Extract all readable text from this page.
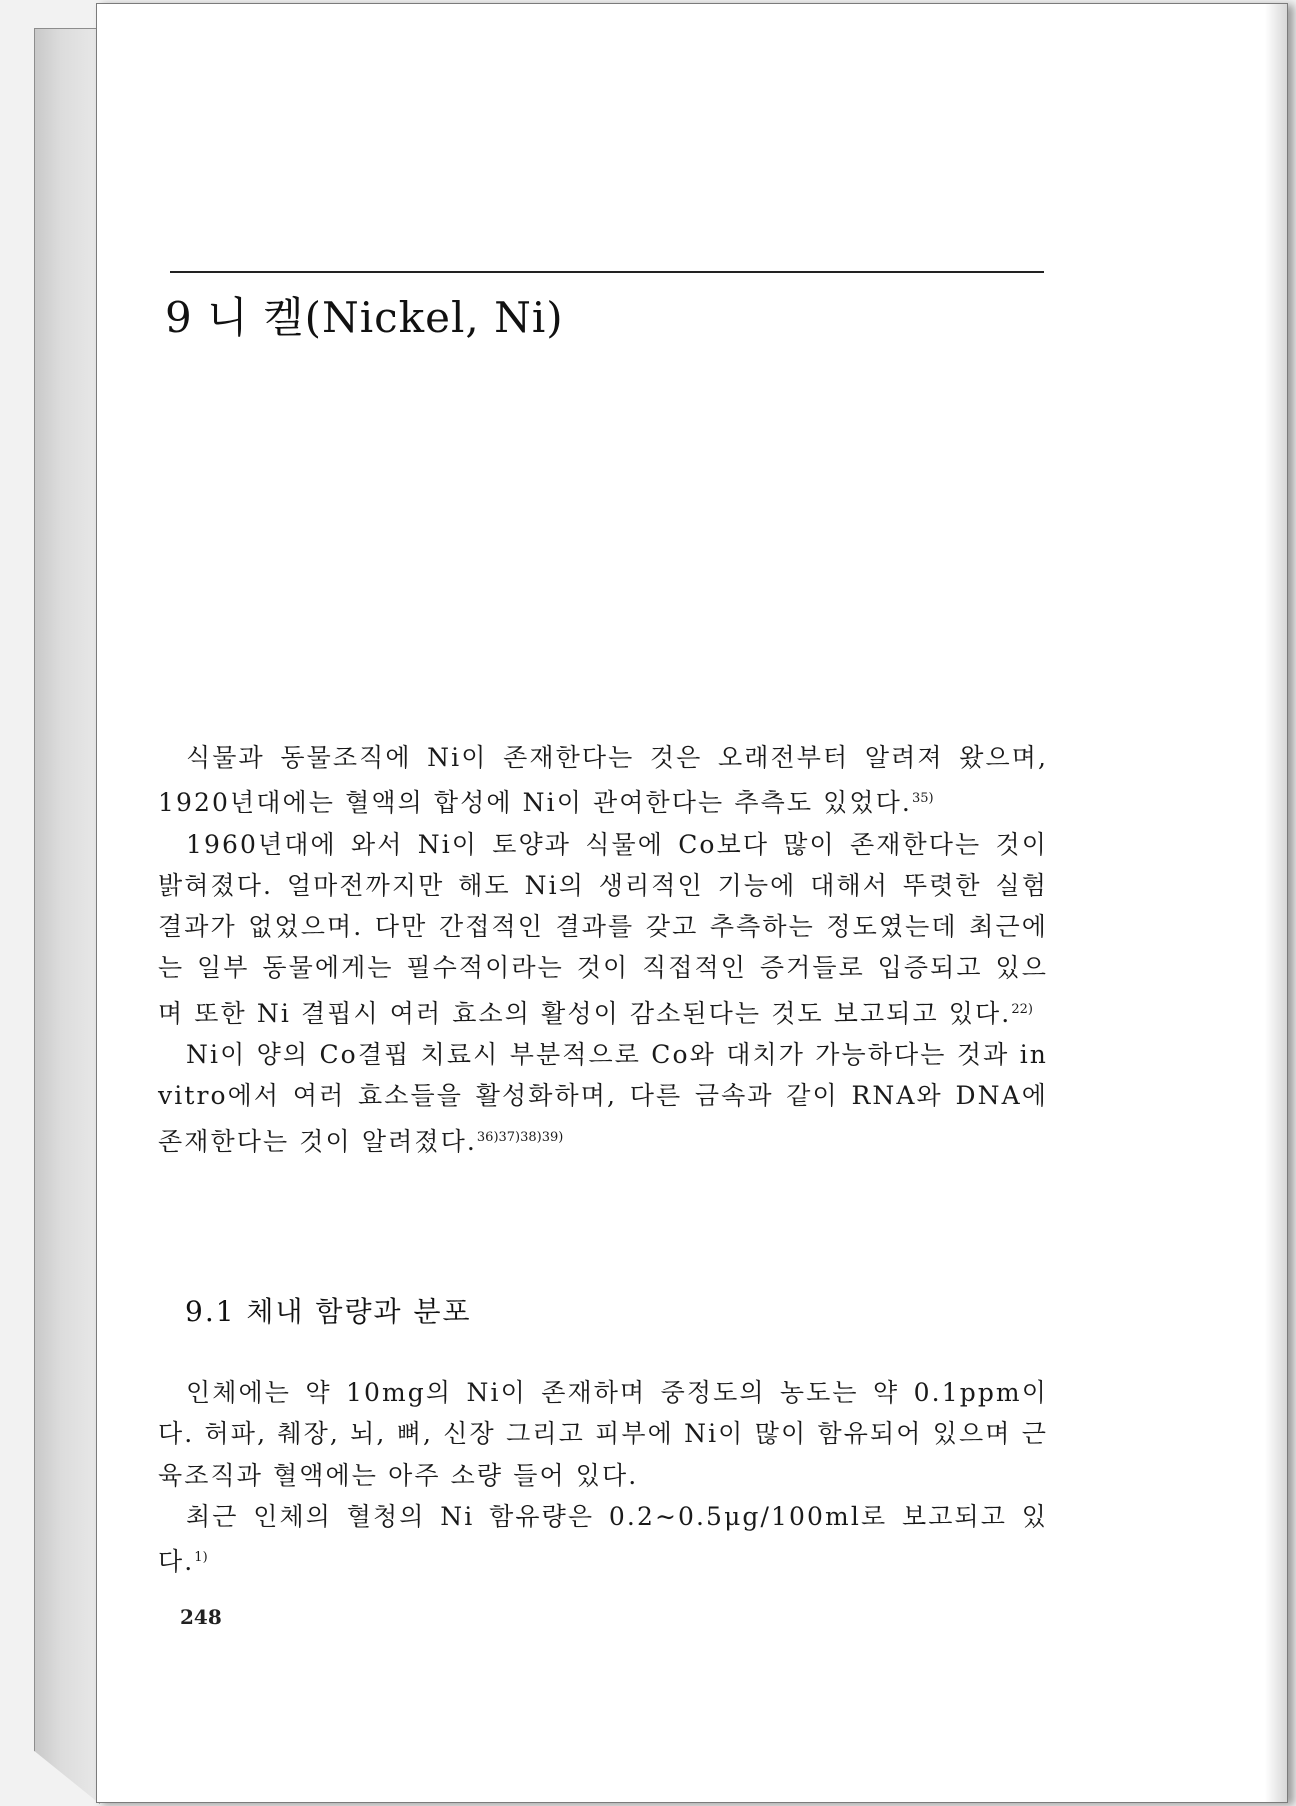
9 니 켈(Nickel, Ni)

식물과 동물조직에 Ni이 존재한다는 것은 오래전부터 알려져 왔으며, 1920년대에는 혈액의 합성에 Ni이 관여한다는 추측도 있었다.$^{35)}$

1960년대에 와서 Ni이 토양과 식물에 Co보다 많이 존재한다는 것이 밝혀졌다. 얼마전까지만 해도 Ni의 생리적인 기능에 대해서 뚜렷한 실험 결과가 없었으며. 다만 간접적인 결과를 갖고 추측하는 정도였는데 최근에는 일부 동물에게는 필수적이라는 것이 직접적인 증거들로 입증되고 있으며 또한 Ni 결핍시 여러 효소의 활성이 감소된다는 것도 보고되고 있다.$^{22)}$

Ni이 양의 Co결핍 치료시 부분적으로 Co와 대치가 가능하다는 것과 in vitro에서 여러 효소들을 활성화하며, 다른 금속과 같이 RNA와 DNA에 존재한다는 것이 알려졌다.$^{36)37)38)39)}$

9.1 체내 함량과 분포

인체에는 약 10mg의 Ni이 존재하며 중정도의 농도는 약 0.1ppm이다. 허파, 췌장, 뇌, 뼈, 신장 그리고 피부에 Ni이 많이 함유되어 있으며 근육조직과 혈액에는 아주 소량 들어 있다.

최근 인체의 혈청의 Ni 함유량은 0.2∼0.5μg/100ml로 보고되고 있다.$^{1)}$

248
